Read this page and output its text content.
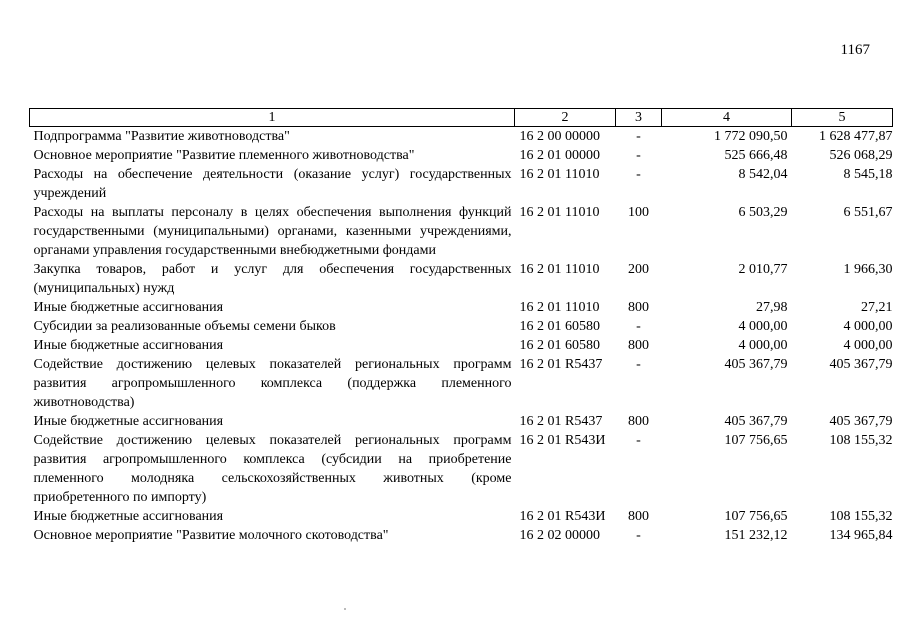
1167
1	2	3	4	5
Подпрограмма "Развитие животноводства"	16 2 00 00000	-	1 772 090,50	1 628 477,87
Основное мероприятие "Развитие племенного животноводства"	16 2 01 00000	-	525 666,48	526 068,29
Расходы на обеспечение деятельности (оказание услуг) государственных учреждений	16 2 01 11010	-	8 542,04	8 545,18
Расходы на выплаты персоналу в целях обеспечения выполнения функций государственными (муниципальными) органами, казенными учреждениями, органами управления государственными внебюджетными фондами	16 2 01 11010	100	6 503,29	6 551,67
Закупка товаров, работ и услуг для обеспечения государственных (муниципальных) нужд	16 2 01 11010	200	2 010,77	1 966,30
Иные бюджетные ассигнования	16 2 01 11010	800	27,98	27,21
Субсидии за реализованные объемы семени быков	16 2 01 60580	-	4 000,00	4 000,00
Иные бюджетные ассигнования	16 2 01 60580	800	4 000,00	4 000,00
Содействие достижению целевых показателей региональных программ развития агропромышленного комплекса (поддержка племенного животноводства)	16 2 01 R5437	-	405 367,79	405 367,79
Иные бюджетные ассигнования	16 2 01 R5437	800	405 367,79	405 367,79
Содействие достижению целевых показателей региональных программ развития агропромышленного комплекса (субсидии на приобретение племенного молодняка сельскохозяйственных животных (кроме приобретенного по импорту)	16 2 01 R543И	-	107 756,65	108 155,32
Иные бюджетные ассигнования	16 2 01 R543И	800	107 756,65	108 155,32
Основное мероприятие "Развитие молочного скотоводства"	16 2 02 00000	-	151 232,12	134 965,84
